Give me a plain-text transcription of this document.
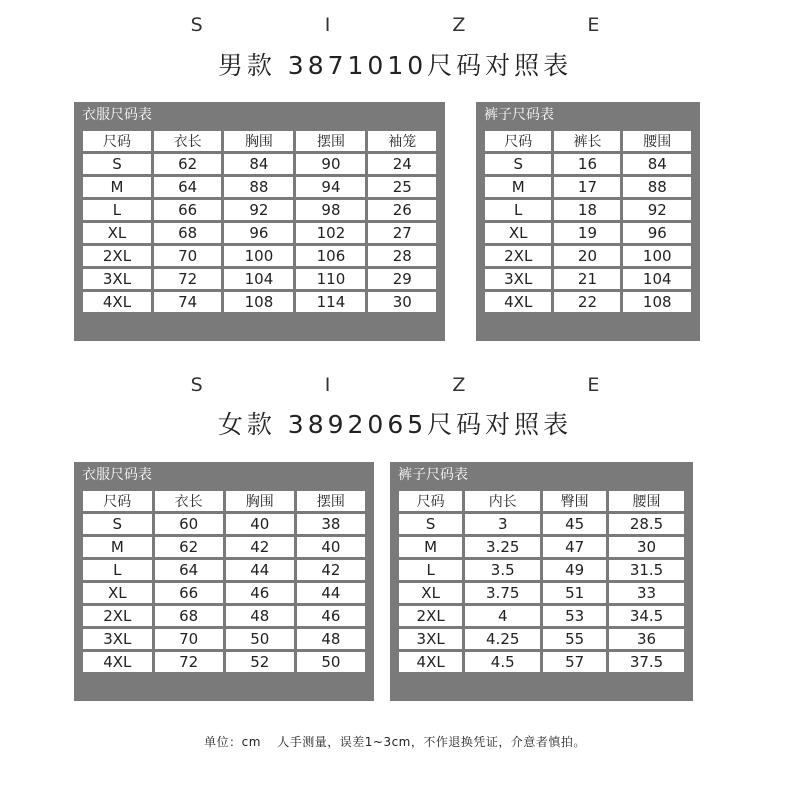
S I Z E
男款 3871010尺码对照表
衣服尺码表
尺码	衣长	胸围	摆围	袖笼
S	62	84	90	24
M	64	88	94	25
L	66	92	98	26
XL	68	96	102	27
2XL	70	100	106	28
3XL	72	104	110	29
4XL	74	108	114	30
裤子尺码表
尺码	裤长	腰围
S	16	84
M	17	88
L	18	92
XL	19	96
2XL	20	100
3XL	21	104
4XL	22	108
S I Z E
女款 3892065尺码对照表
衣服尺码表
尺码	衣长	胸围	摆围
S	60	40	38
M	62	42	40
L	64	44	42
XL	66	46	44
2XL	68	48	46
3XL	70	50	48
4XL	72	52	50
裤子尺码表
尺码	内长	臀围	腰围
S	3	45	28.5
M	3.25	47	30
L	3.5	49	31.5
XL	3.75	51	33
2XL	4	53	34.5
3XL	4.25	55	36
4XL	4.5	57	37.5
单位：cm 人手测量，误差1~3cm，不作退换凭证，介意者慎拍。
